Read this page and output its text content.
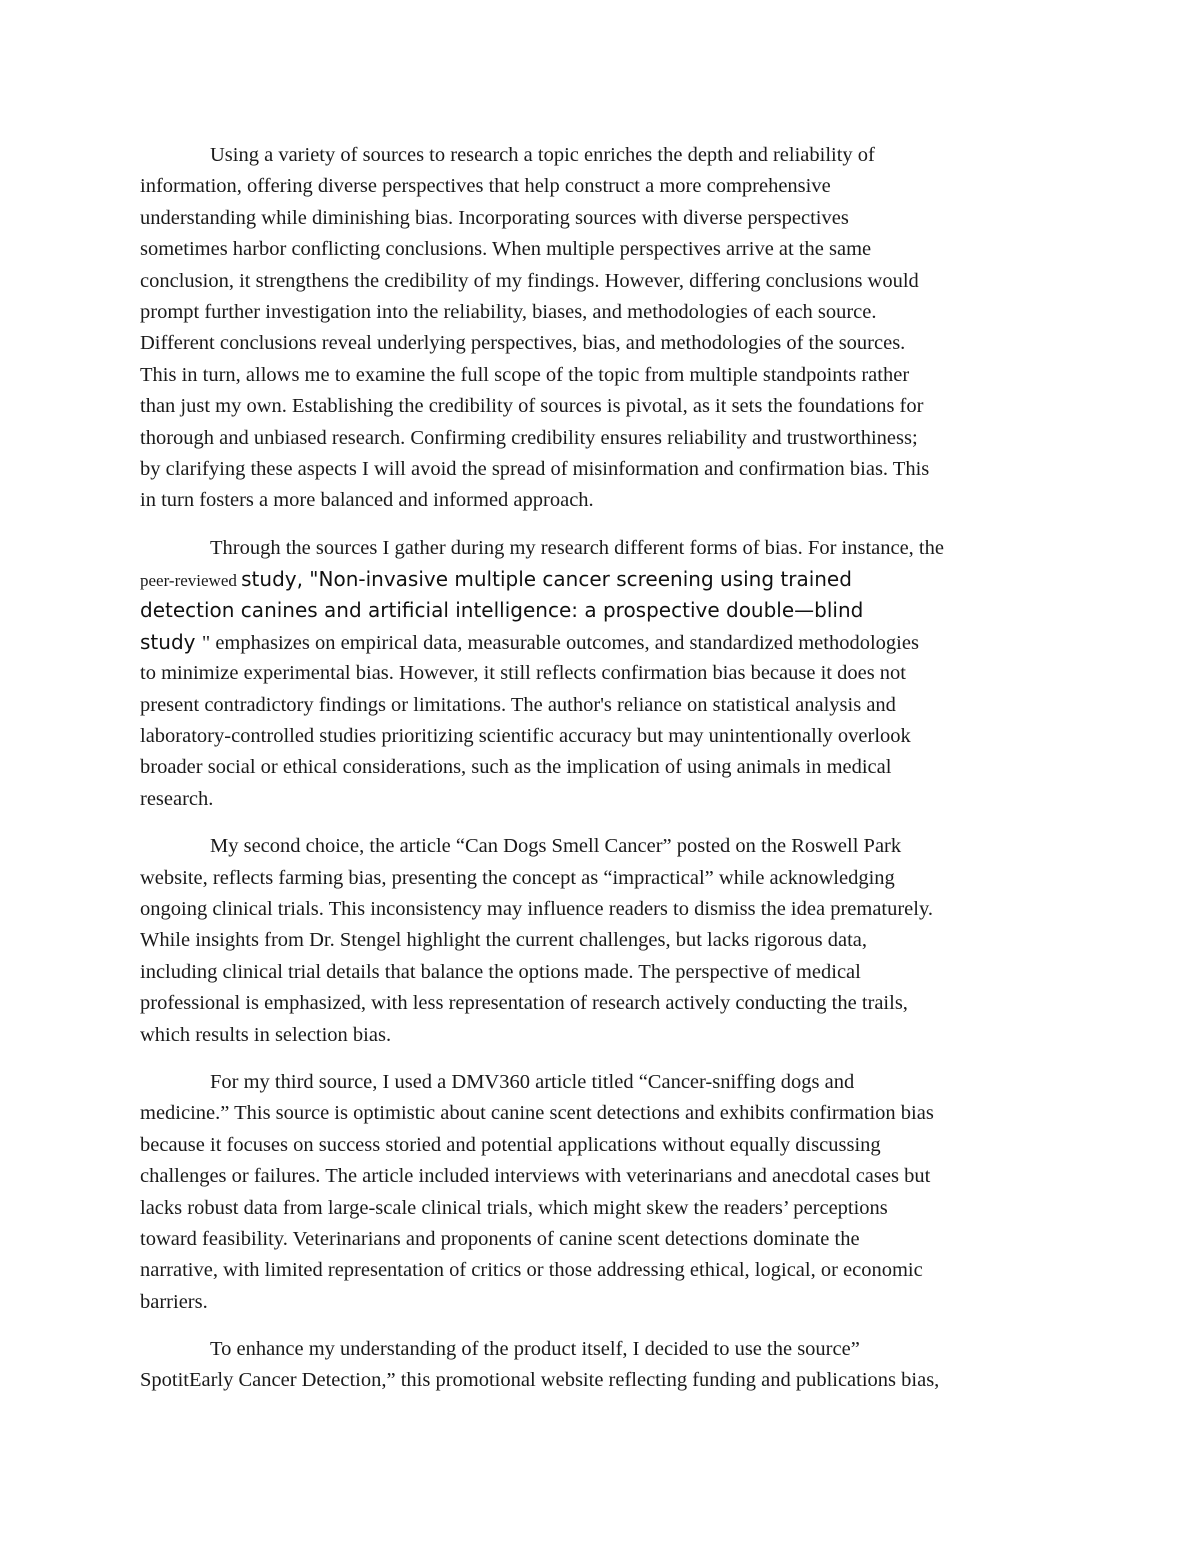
Using a variety of sources to research a topic enriches the depth and reliability of
information, offering diverse perspectives that help construct a more comprehensive
understanding while diminishing bias. Incorporating sources with diverse perspectives
sometimes harbor conflicting conclusions. When multiple perspectives arrive at the same
conclusion, it strengthens the credibility of my findings. However, differing conclusions would
prompt further investigation into the reliability, biases, and methodologies of each source.
Different conclusions reveal underlying perspectives, bias, and methodologies of the sources.
This in turn, allows me to examine the full scope of the topic from multiple standpoints rather
than just my own. Establishing the credibility of sources is pivotal, as it sets the foundations for
thorough and unbiased research. Confirming credibility ensures reliability and trustworthiness;
by clarifying these aspects I will avoid the spread of misinformation and confirmation bias. This
in turn fosters a more balanced and informed approach.
Through the sources I gather during my research different forms of bias. For instance, the
peer-reviewed study, "Non-invasive multiple cancer screening using trained
detection canines and artificial intelligence: a prospective double—blind
study " emphasizes on empirical data, measurable outcomes, and standardized methodologies
to minimize experimental bias. However, it still reflects confirmation bias because it does not
present contradictory findings or limitations. The author's reliance on statistical analysis and
laboratory-controlled studies prioritizing scientific accuracy but may unintentionally overlook
broader social or ethical considerations, such as the implication of using animals in medical
research.
My second choice, the article “Can Dogs Smell Cancer” posted on the Roswell Park
website, reflects farming bias, presenting the concept as “impractical” while acknowledging
ongoing clinical trials. This inconsistency may influence readers to dismiss the idea prematurely.
While insights from Dr. Stengel highlight the current challenges, but lacks rigorous data,
including clinical trial details that balance the options made. The perspective of medical
professional is emphasized, with less representation of research actively conducting the trails,
which results in selection bias.
For my third source, I used a DMV360 article titled “Cancer-sniffing dogs and
medicine.” This source is optimistic about canine scent detections and exhibits confirmation bias
because it focuses on success storied and potential applications without equally discussing
challenges or failures. The article included interviews with veterinarians and anecdotal cases but
lacks robust data from large-scale clinical trials, which might skew the readers’ perceptions
toward feasibility. Veterinarians and proponents of canine scent detections dominate the
narrative, with limited representation of critics or those addressing ethical, logical, or economic
barriers.
To enhance my understanding of the product itself, I decided to use the source”
SpotitEarly Cancer Detection,” this promotional website reflecting funding and publications bias,
